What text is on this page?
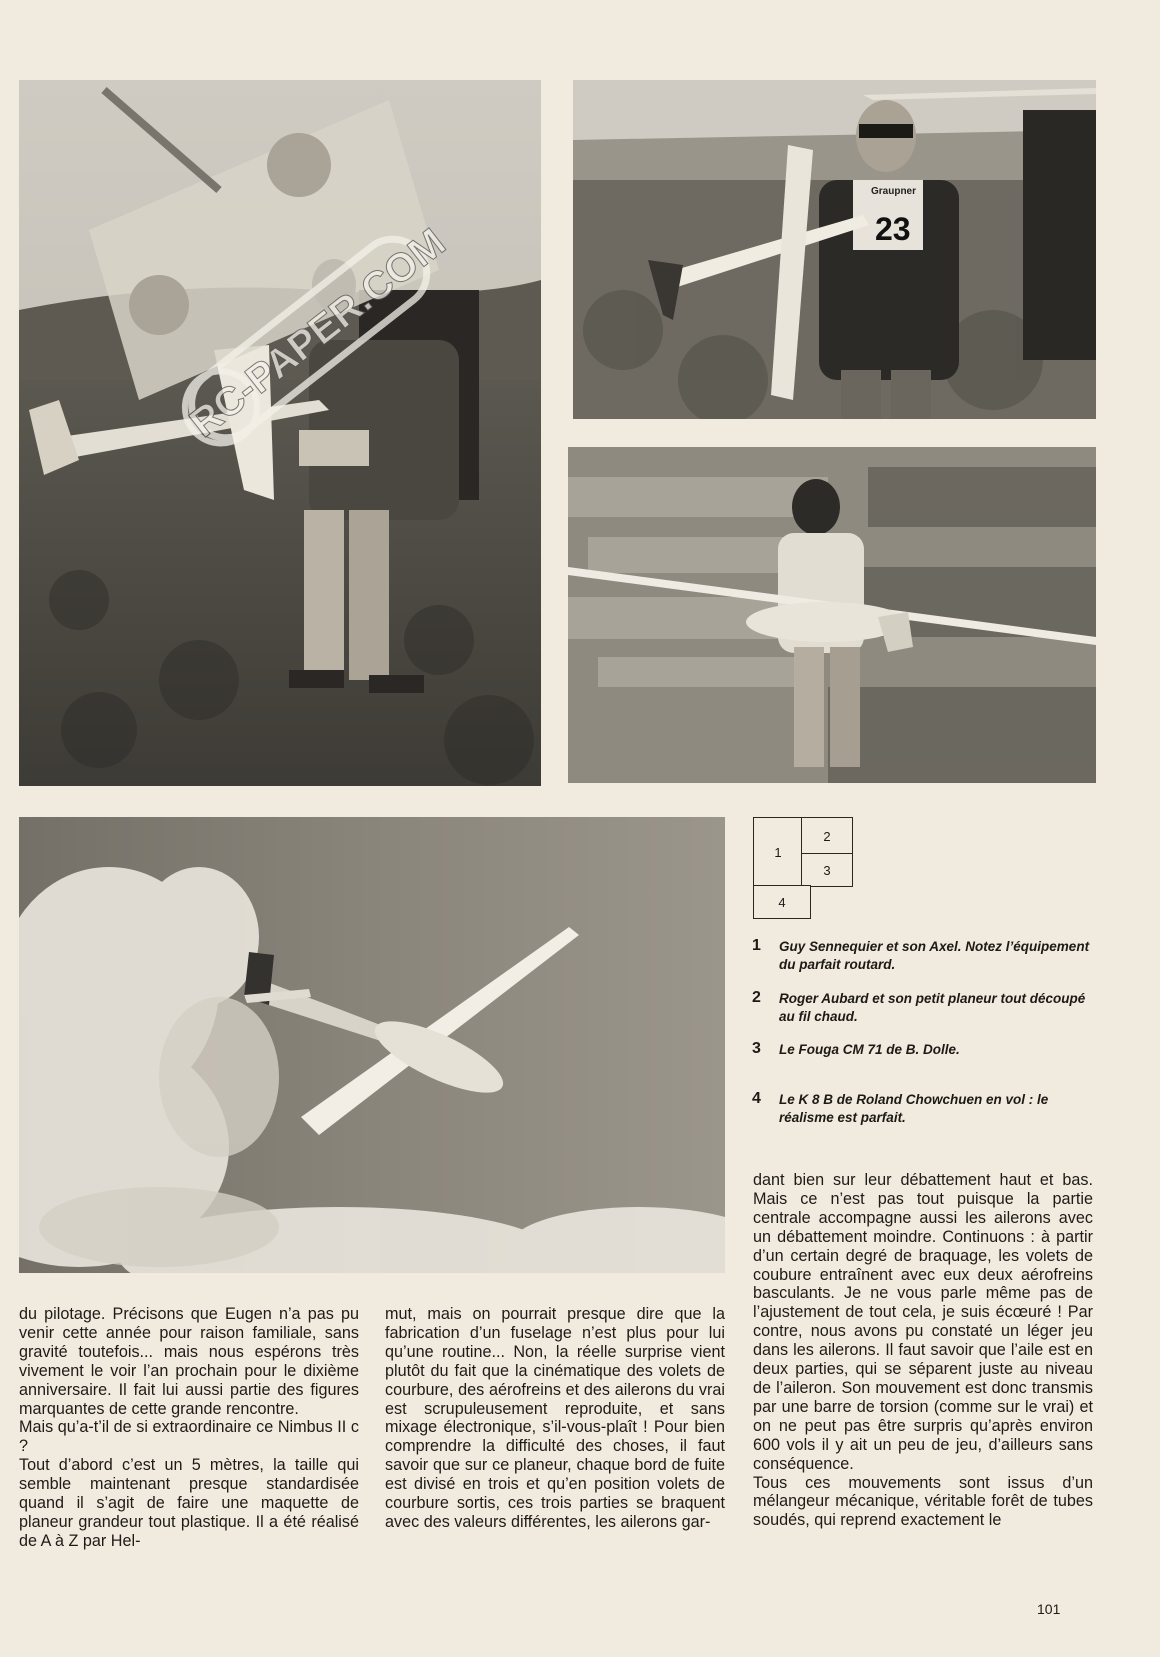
RC-PAPER.COM
Graupner
23
1
2
3
4
1 Guy Sennequier et son Axel. Notez l’équipement du parfait routard.
2 Roger Aubard et son petit planeur tout découpé au fil chaud.
3 Le Fouga CM 71 de B. Dolle.
4 Le K 8 B de Roland Chowchuen en vol : le réalisme est parfait.

du pilotage. Précisons que Eugen n’a pas pu venir cette année pour raison familiale, sans gravité toutefois... mais nous espérons très vivement le voir l’an prochain pour le dixième anniversaire. Il fait lui aussi partie des figures marquantes de cette grande rencontre.

Mais qu’a-t’il de si extraordinaire ce Nimbus II c ?

Tout d’abord c’est un 5 mètres, la taille qui semble maintenant presque standardisée quand il s’agit de faire une maquette de planeur grandeur tout plastique. Il a été réalisé de A à Z par Hel-

mut, mais on pourrait presque dire que la fabrication d’un fuselage n’est plus pour lui qu’une routine... Non, la réelle surprise vient plutôt du fait que la cinématique des volets de courbure, des aérofreins et des ailerons du vrai est scrupuleusement reproduite, et sans mixage électronique, s’il-vous-plaît ! Pour bien comprendre la difficulté des choses, il faut savoir que sur ce planeur, chaque bord de fuite est divisé en trois et qu’en position volets de courbure sortis, ces trois parties se braquent avec des valeurs différentes, les ailerons gar-

dant bien sur leur débattement haut et bas. Mais ce n’est pas tout puisque la partie centrale accompagne aussi les ailerons avec un débattement moindre. Continuons : à partir d’un certain degré de braquage, les volets de coubure entraînent avec eux deux aérofreins basculants. Je ne vous parle même pas de l’ajustement de tout cela, je suis écœuré ! Par contre, nous avons pu constaté un léger jeu dans les ailerons. Il faut savoir que l’aile est en deux parties, qui se séparent juste au niveau de l’aileron. Son mouvement est donc transmis par une barre de torsion (comme sur le vrai) et on ne peut pas être surpris qu’après environ 600 vols il y ait un peu de jeu, d’ailleurs sans conséquence.

Tous ces mouvements sont issus d’un mélangeur mécanique, véritable forêt de tubes soudés, qui reprend exactement le

101
